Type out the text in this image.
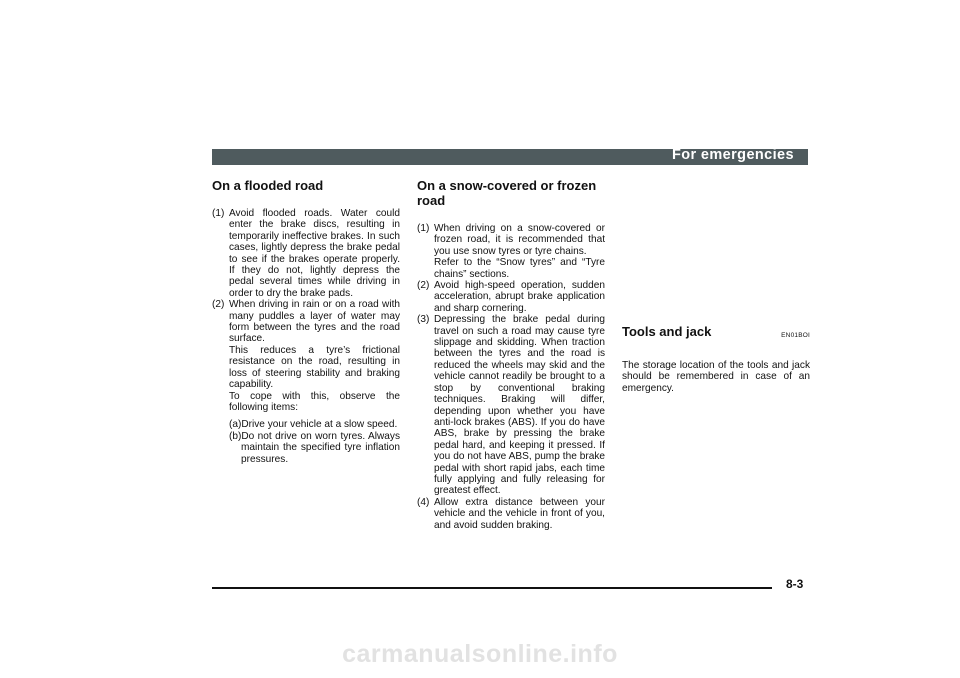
For emergencies
On a flooded road

(1) Avoid flooded roads. Water could enter the brake discs, resulting in temporarily ineffective brakes. In such cases, lightly depress the brake pedal to see if the brakes operate properly. If they do not, lightly depress the pedal several times while driving in order to dry the brake pads.

(2) When driving in rain or on a road with many puddles a layer of water may form between the tyres and the road surface.

This reduces a tyre’s frictional resistance on the road, resulting in loss of steering stability and braking capability.

To cope with this, observe the following items:

(a)Drive your vehicle at a slow speed.

(b)Do not drive on worn tyres. Always maintain the specified tyre inflation pressures.

On a snow-covered or frozen road

(1) When driving on a snow-covered or frozen road, it is recommended that you use snow tyres or tyre chains.

Refer to the “Snow tyres” and “Tyre chains” sections.

(2) Avoid high-speed operation, sudden acceleration, abrupt brake application and sharp cornering.

(3) Depressing the brake pedal during travel on such a road may cause tyre slippage and skidding. When traction between the tyres and the road is reduced the wheels may skid and the vehicle cannot readily be brought to a stop by conventional braking techniques. Braking will differ, depending upon whether you have anti-lock brakes (ABS). If you do have ABS, brake by pressing the brake pedal hard, and keeping it pressed. If you do not have ABS, pump the brake pedal with short rapid jabs, each time fully applying and fully releasing for greatest effect.

(4) Allow extra distance between your vehicle and the vehicle in front of you, and avoid sudden braking.

Tools and jack	EN01BOI

The storage location of the tools and jack should be remembered in case of an emergency.

8-3
carmanualsonline.info
